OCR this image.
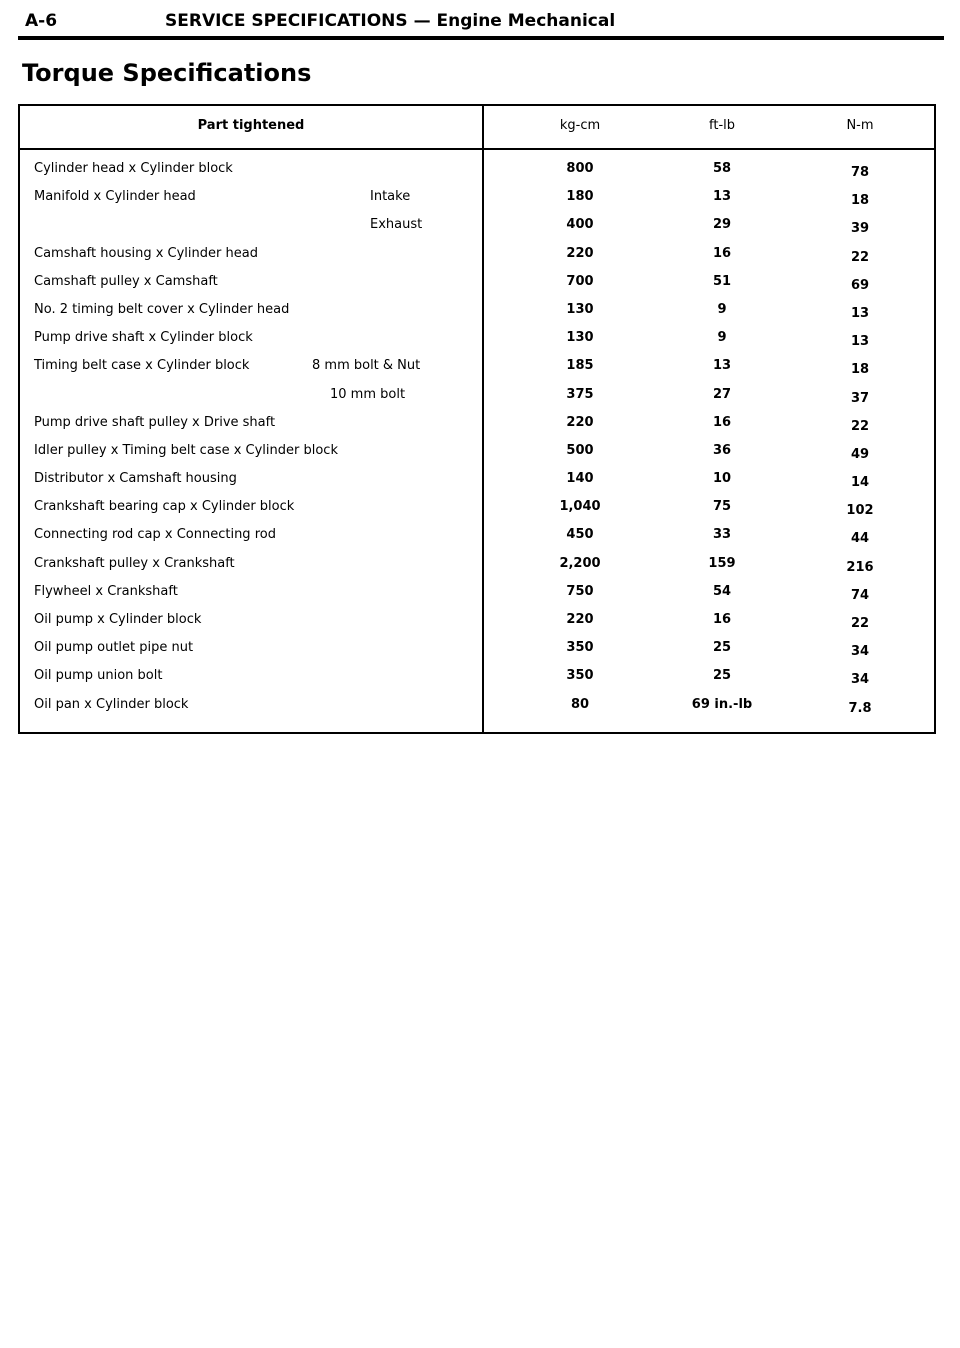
A-6	SERVICE SPECIFICATIONS — Engine Mechanical
Torque Specifications
Part tightened	kg-cm	ft-lb	N-m
Cylinder head x Cylinder block	800	58	78
Manifold x Cylinder head	Intake	180	13	18
Exhaust	400	29	39
Camshaft housing x Cylinder head	220	16	22
Camshaft pulley x Camshaft	700	51	69
No. 2 timing belt cover x Cylinder head	130	9	13
Pump drive shaft x Cylinder block	130	9	13
Timing belt case x Cylinder block	8 mm bolt & Nut	185	13	18
10 mm bolt	375	27	37
Pump drive shaft pulley x Drive shaft	220	16	22
Idler pulley x Timing belt case x Cylinder block	500	36	49
Distributor x Camshaft housing	140	10	14
Crankshaft bearing cap x Cylinder block	1,040	75	102
Connecting rod cap x Connecting rod	450	33	44
Crankshaft pulley x Crankshaft	2,200	159	216
Flywheel x Crankshaft	750	54	74
Oil pump x Cylinder block	220	16	22
Oil pump outlet pipe nut	350	25	34
Oil pump union bolt	350	25	34
Oil pan x Cylinder block	80	69 in.-lb	7.8
